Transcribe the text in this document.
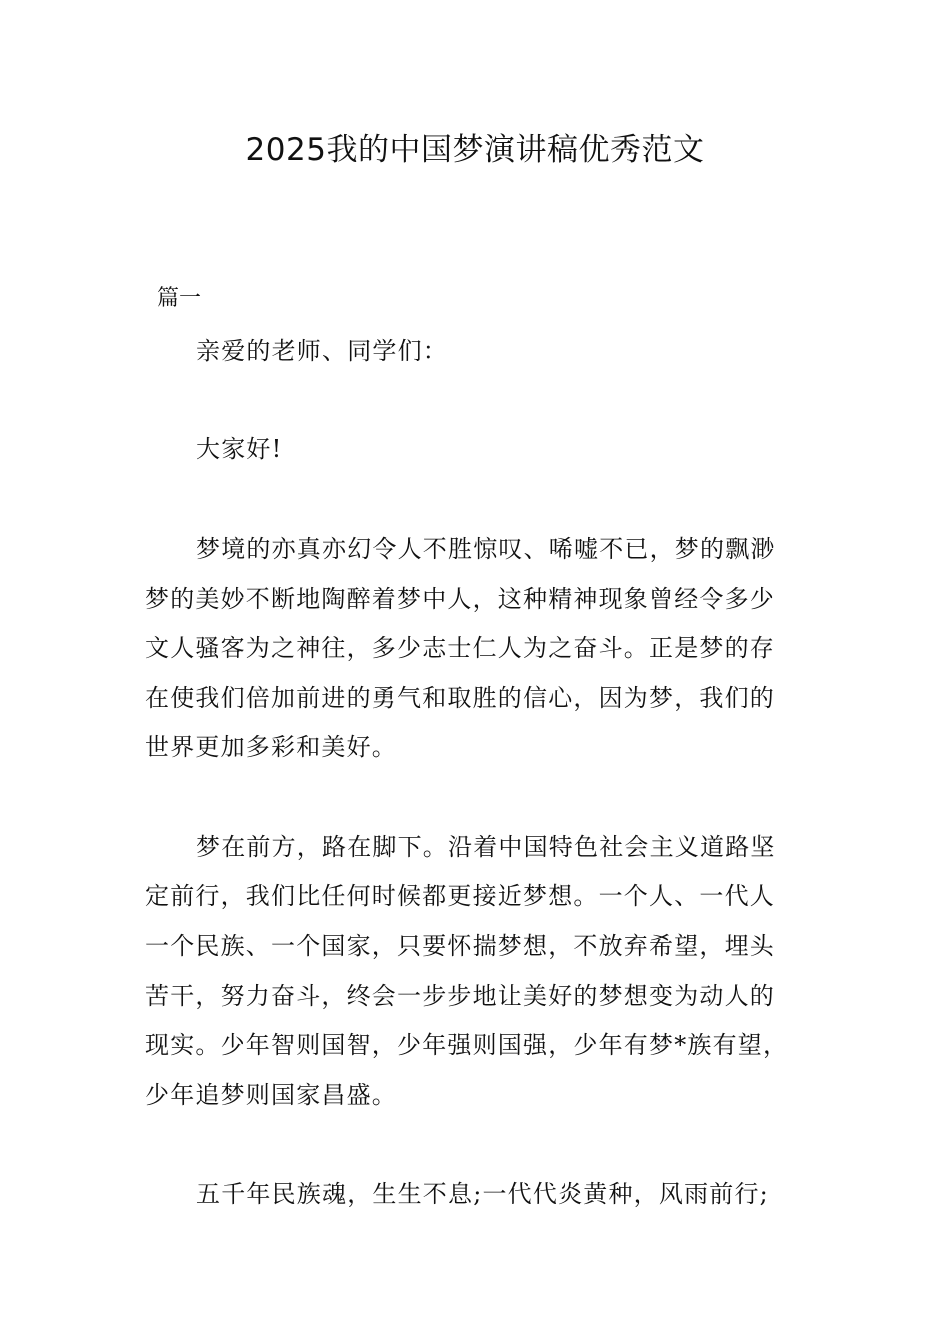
2025我的中国梦演讲稿优秀范文
篇一
亲爱的老师、同学们：
大家好!
梦境的亦真亦幻令人不胜惊叹、唏嘘不已，梦的飘渺
梦的美妙不断地陶醉着梦中人，这种精神现象曾经令多少
文人骚客为之神往，多少志士仁人为之奋斗。正是梦的存
在使我们倍加前进的勇气和取胜的信心，因为梦，我们的
世界更加多彩和美好。
梦在前方，路在脚下。沿着中国特色社会主义道路坚
定前行，我们比任何时候都更接近梦想。一个人、一代人
一个民族、一个国家，只要怀揣梦想，不放弃希望，埋头
苦干，努力奋斗，终会一步步地让美好的梦想变为动人的
现实。少年智则国智，少年强则国强，少年有梦*族有望，
少年追梦则国家昌盛。
五千年民族魂，生生不息;一代代炎黄种，风雨前行;
